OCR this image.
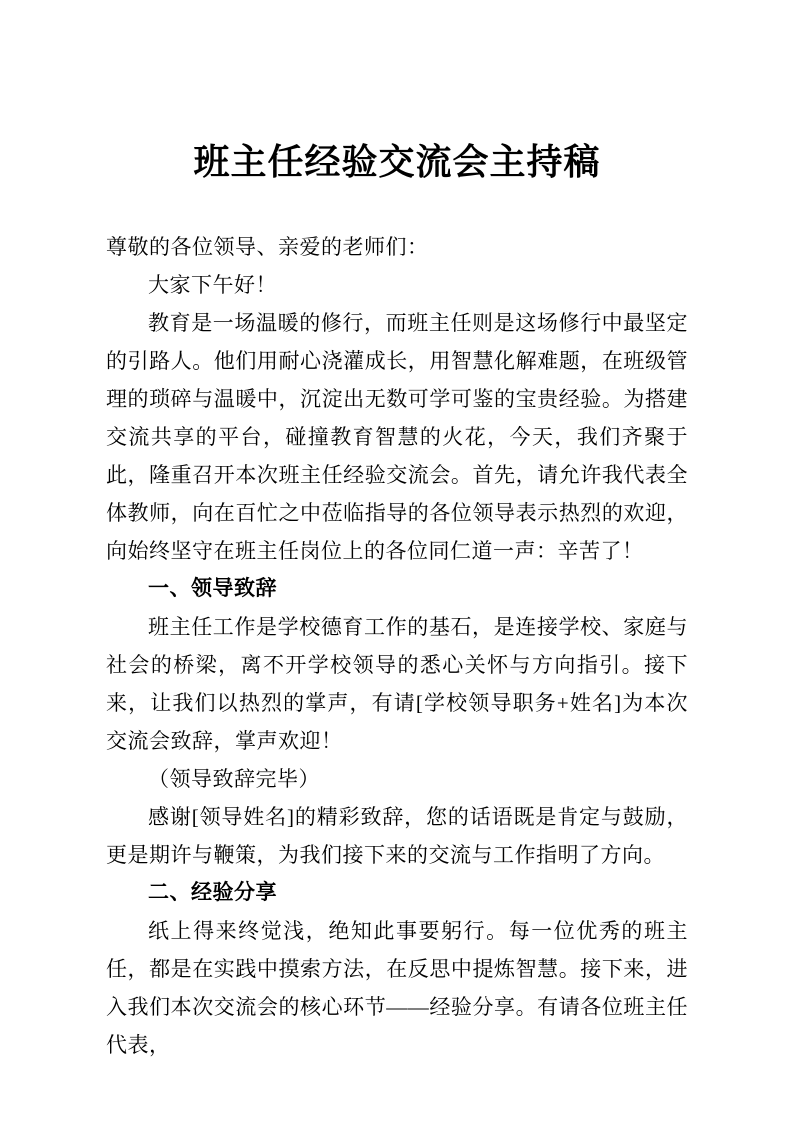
班主任经验交流会主持稿

尊敬的各位领导、亲爱的老师们：

大家下午好！

教育是一场温暖的修行，而班主任则是这场修行中最坚定的引路人。他们用耐心浇灌成长，用智慧化解难题，在班级管理的琐碎与温暖中，沉淀出无数可学可鉴的宝贵经验。为搭建交流共享的平台，碰撞教育智慧的火花，今天，我们齐聚于此，隆重召开本次班主任经验交流会。首先，请允许我代表全体教师，向在百忙之中莅临指导的各位领导表示热烈的欢迎，向始终坚守在班主任岗位上的各位同仁道一声：辛苦了！

一、领导致辞

班主任工作是学校德育工作的基石，是连接学校、家庭与社会的桥梁，离不开学校领导的悉心关怀与方向指引。接下来，让我们以热烈的掌声，有请[学校领导职务+姓名]为本次交流会致辞，掌声欢迎！

（领导致辞完毕）

感谢[领导姓名]的精彩致辞，您的话语既是肯定与鼓励，更是期许与鞭策，为我们接下来的交流与工作指明了方向。

二、经验分享

纸上得来终觉浅，绝知此事要躬行。每一位优秀的班主任，都是在实践中摸索方法，在反思中提炼智慧。接下来，进入我们本次交流会的核心环节——经验分享。有请各位班主任代表，
